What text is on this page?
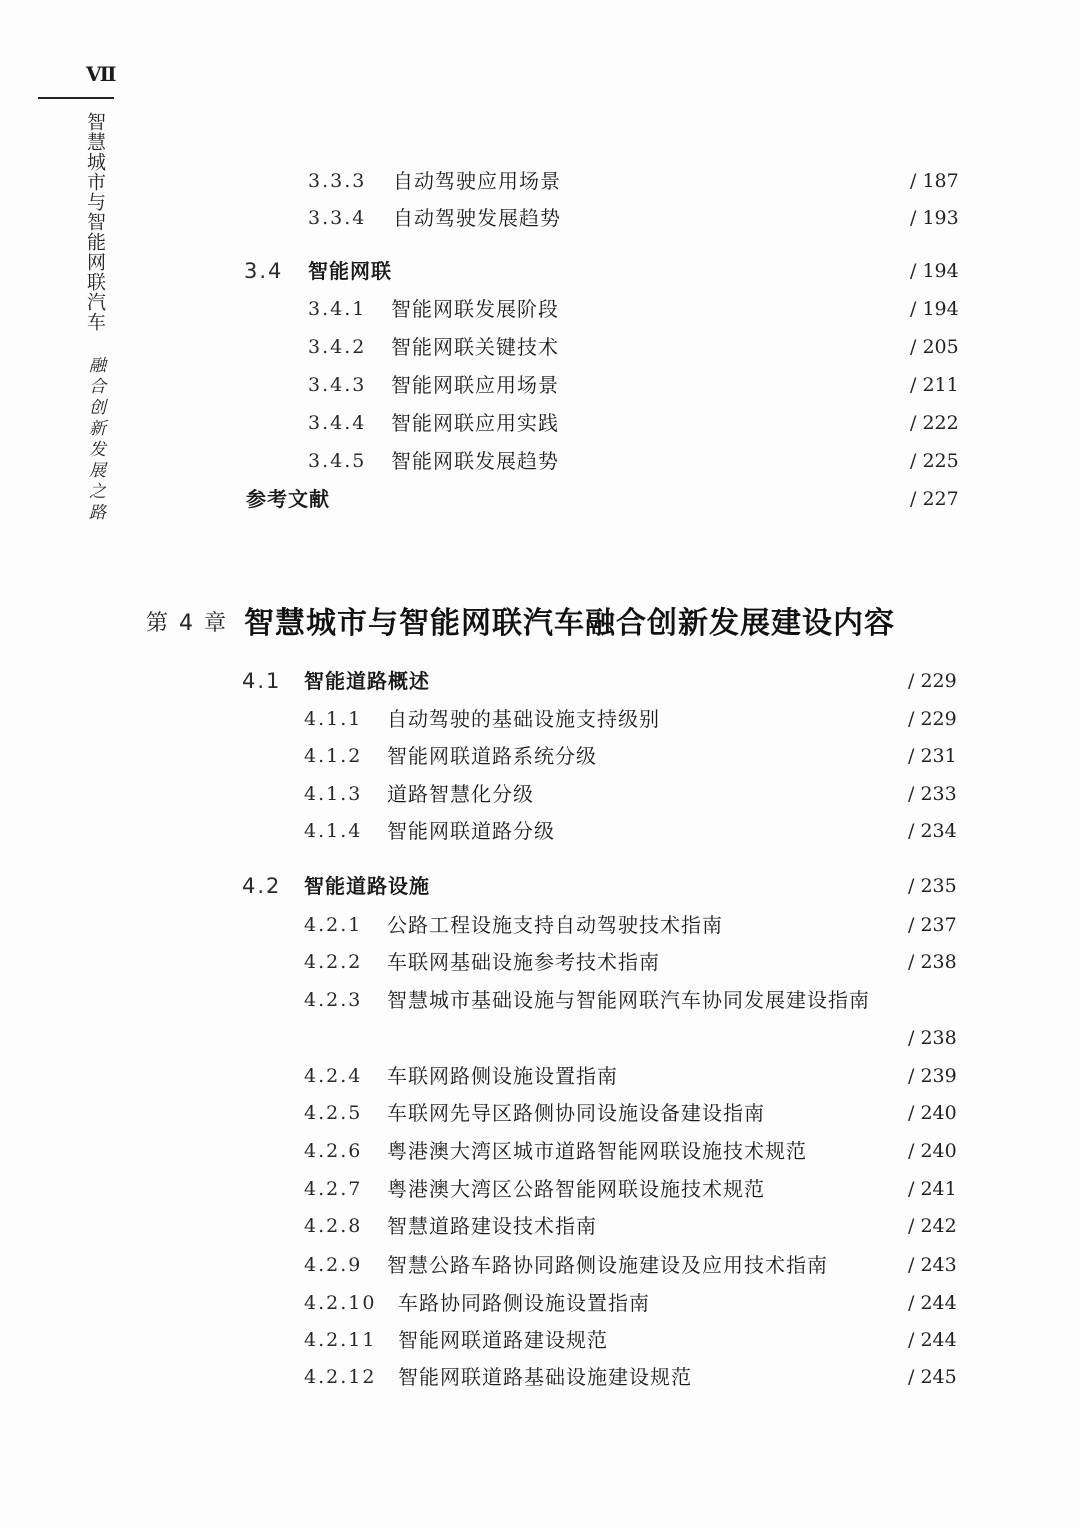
Ⅶ
智慧城市与智能网联汽车
融合创新发展之路
3.3.3 自动驾驶应用场景	/ 187
3.3.4 自动驾驶发展趋势	/ 193
3.4 智能网联	/ 194
3.4.1 智能网联发展阶段	/ 194
3.4.2 智能网联关键技术	/ 205
3.4.3 智能网联应用场景	/ 211
3.4.4 智能网联应用实践	/ 222
3.4.5 智能网联发展趋势	/ 225
参考文献	/ 227
第 4 章 智慧城市与智能网联汽车融合创新发展建设内容
4.1 智能道路概述	/ 229
4.1.1 自动驾驶的基础设施支持级别	/ 229
4.1.2 智能网联道路系统分级	/ 231
4.1.3 道路智慧化分级	/ 233
4.1.4 智能网联道路分级	/ 234
4.2 智能道路设施	/ 235
4.2.1 公路工程设施支持自动驾驶技术指南	/ 237
4.2.2 车联网基础设施参考技术指南	/ 238
4.2.3 智慧城市基础设施与智能网联汽车协同发展建设指南
/ 238
4.2.4 车联网路侧设施设置指南	/ 239
4.2.5 车联网先导区路侧协同设施设备建设指南	/ 240
4.2.6 粤港澳大湾区城市道路智能网联设施技术规范	/ 240
4.2.7 粤港澳大湾区公路智能网联设施技术规范	/ 241
4.2.8 智慧道路建设技术指南	/ 242
4.2.9 智慧公路车路协同路侧设施建设及应用技术指南	/ 243
4.2.10 车路协同路侧设施设置指南	/ 244
4.2.11 智能网联道路建设规范	/ 244
4.2.12 智能网联道路基础设施建设规范	/ 245
